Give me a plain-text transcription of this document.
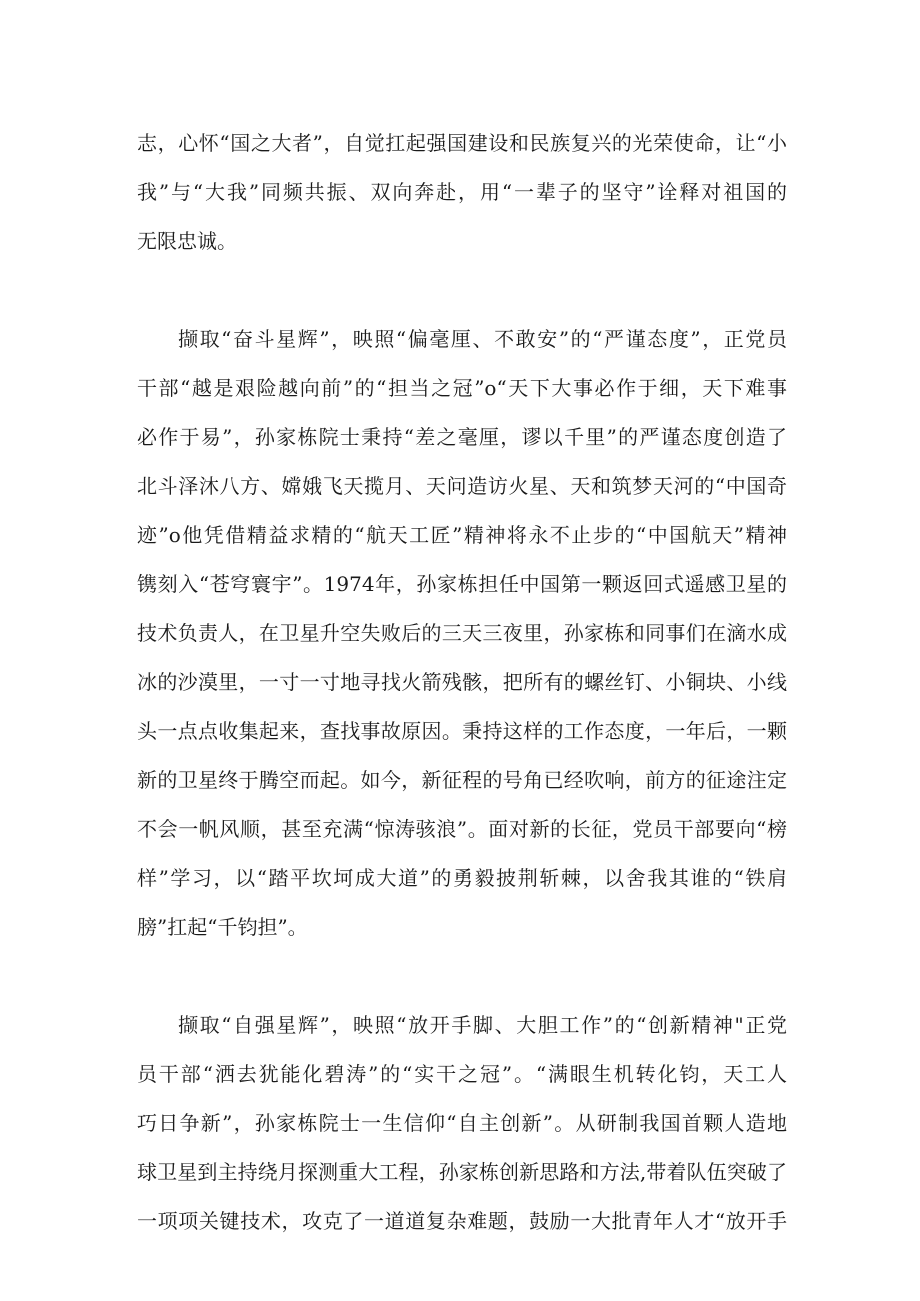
志，心怀“国之大者”，自觉扛起强国建设和民族复兴的光荣使命，让“小
我”与“大我”同频共振、双向奔赴，用“一辈子的坚守”诠释对祖国的
无限忠诚。
撷取“奋斗星辉”，映照“偏毫厘、不敢安”的“严谨态度”，正党员
干部“越是艰险越向前”的“担当之冠”o“天下大事必作于细，天下难事
必作于易”，孙家栋院士秉持“差之毫厘，谬以千里”的严谨态度创造了
北斗泽沐八方、嫦娥飞天揽月、天问造访火星、天和筑梦天河的“中国奇
迹”o他凭借精益求精的“航天工匠”精神将永不止步的“中国航天”精神
镌刻入“苍穹寰宇”。1974年，孙家栋担任中国第一颗返回式遥感卫星的
技术负责人，在卫星升空失败后的三天三夜里，孙家栋和同事们在滴水成
冰的沙漠里，一寸一寸地寻找火箭残骸，把所有的螺丝钉、小铜块、小线
头一点点收集起来，查找事故原因。秉持这样的工作态度，一年后，一颗
新的卫星终于腾空而起。如今，新征程的号角已经吹响，前方的征途注定
不会一帆风顺，甚至充满“惊涛骇浪”。面对新的长征，党员干部要向“榜
样”学习，以“踏平坎坷成大道”的勇毅披荆斩棘，以舍我其谁的“铁肩
膀”扛起“千钧担”。
撷取“自强星辉”，映照“放开手脚、大胆工作”的“创新精神"正党
员干部“洒去犹能化碧涛”的“实干之冠”。“满眼生机转化钧，天工人
巧日争新”，孙家栋院士一生信仰“自主创新”。从研制我国首颗人造地
球卫星到主持绕月探测重大工程，孙家栋创新思路和方法,带着队伍突破了
一项项关键技术，攻克了一道道复杂难题，鼓励一大批青年人才“放开手
